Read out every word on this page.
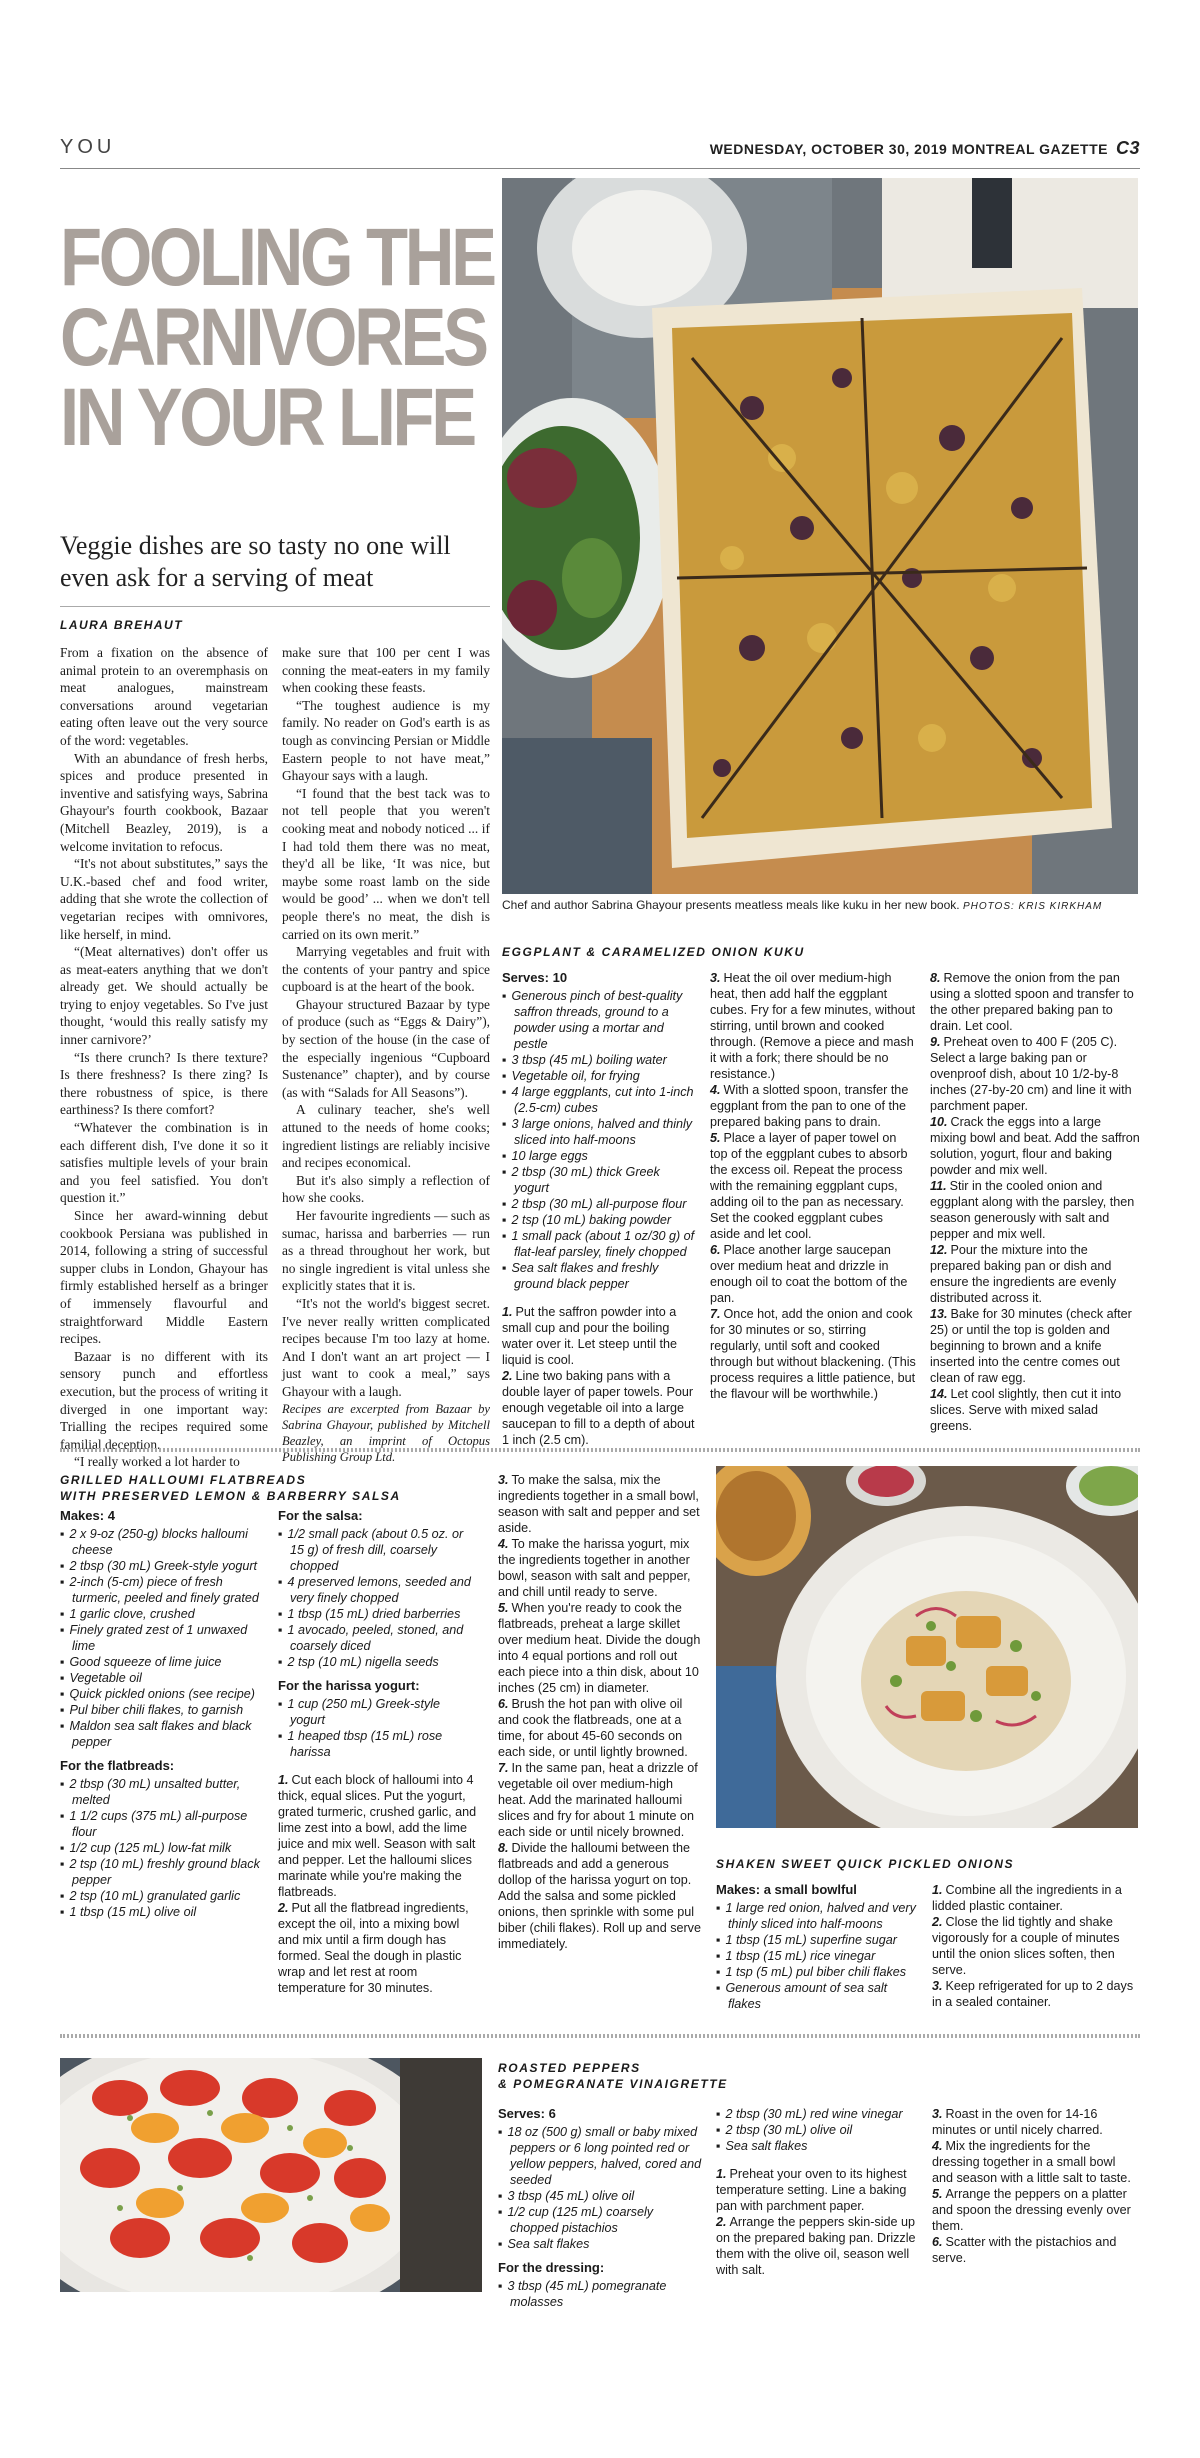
YOU	WEDNESDAY, OCTOBER 30, 2019 MONTREAL GAZETTE C3
FOOLING THE
CARNIVORES
IN YOUR LIFE
Veggie dishes are so tasty no one will even ask for a serving of meat
LAURA BREHAUT

From a fixation on the absence of animal protein to an overemphasis on meat analogues, mainstream conversations around vegetarian eating often leave out the very source of the word: vegetables.

With an abundance of fresh herbs, spices and produce presented in inventive and satisfying ways, Sabrina Ghayour's fourth cookbook, Bazaar (Mitchell Beazley, 2019), is a welcome invitation to refocus.

“It's not about substitutes,” says the U.K.-based chef and food writer, adding that she wrote the collection of vegetarian recipes with omnivores, like herself, in mind.

“(Meat alternatives) don't offer us as meat-eaters anything that we don't already get. We should actually be trying to enjoy vegetables. So I've just thought, ‘would this really satisfy my inner carnivore?’

“Is there crunch? Is there texture? Is there freshness? Is there zing? Is there robustness of spice, is there earthiness? Is there comfort?

“Whatever the combination is in each different dish, I've done it so it satisfies multiple levels of your brain and you feel satisfied. You don't question it.”

Since her award-winning debut cookbook Persiana was published in 2014, following a string of successful supper clubs in London, Ghayour has firmly established herself as a bringer of immensely flavourful and straightforward Middle Eastern recipes.

Bazaar is no different with its sensory punch and effortless execution, but the process of writing it diverged in one important way: Trialling the recipes required some familial deception.

“I really worked a lot harder to

make sure that 100 per cent I was conning the meat-eaters in my family when cooking these feasts.

“The toughest audience is my family. No reader on God's earth is as tough as convincing Persian or Middle Eastern people to not have meat,” Ghayour says with a laugh.

“I found that the best tack was to not tell people that you weren't cooking meat and nobody noticed ... if I had told them there was no meat, they'd all be like, ‘It was nice, but maybe some roast lamb on the side would be good’ ... when we don't tell people there's no meat, the dish is carried on its own merit.”

Marrying vegetables and fruit with the contents of your pantry and spice cupboard is at the heart of the book.

Ghayour structured Bazaar by type of produce (such as “Eggs & Dairy”), by section of the house (in the case of the especially ingenious “Cupboard Sustenance” chapter), and by course (as with “Salads for All Seasons”).

A culinary teacher, she's well attuned to the needs of home cooks; ingredient listings are reliably incisive and recipes economical.

But it's also simply a reflection of how she cooks.

Her favourite ingredients — such as sumac, harissa and barberries — run as a thread throughout her work, but no single ingredient is vital unless she explicitly states that it is.

“It's not the world's biggest secret. I've never really written complicated recipes because I'm too lazy at home. And I don't want an art project — I just want to cook a meal,” says Ghayour with a laugh.

Recipes are excerpted from Bazaar by Sabrina Ghayour, published by Mitchell Beazley, an imprint of Octopus Publishing Group Ltd.

Chef and author Sabrina Ghayour presents meatless meals like kuku in her new book. PHOTOS: KRIS KIRKHAM
EGGPLANT & CARAMELIZED ONION KUKU
Serves: 10
▪ Generous pinch of best-quality saffron threads, ground to a powder using a mortar and pestle
▪ 3 tbsp (45 mL) boiling water
▪ Vegetable oil, for frying
▪ 4 large eggplants, cut into 1-inch (2.5-cm) cubes
▪ 3 large onions, halved and thinly sliced into half-moons
▪ 10 large eggs
▪ 2 tbsp (30 mL) thick Greek yogurt
▪ 2 tbsp (30 mL) all-purpose flour
▪ 2 tsp (10 mL) baking powder
▪ 1 small pack (about 1 oz/30 g) of flat-leaf parsley, finely chopped
▪ Sea salt flakes and freshly ground black pepper
1. Put the saffron powder into a small cup and pour the boiling water over it. Let steep until the liquid is cool.
2. Line two baking pans with a double layer of paper towels. Pour enough vegetable oil into a large saucepan to fill to a depth of about 1 inch (2.5 cm).
3. Heat the oil over medium-high heat, then add half the eggplant cubes. Fry for a few minutes, without stirring, until brown and cooked through. (Remove a piece and mash it with a fork; there should be no resistance.)
4. With a slotted spoon, transfer the eggplant from the pan to one of the prepared baking pans to drain.
5. Place a layer of paper towel on top of the eggplant cubes to absorb the excess oil. Repeat the process with the remaining eggplant cups, adding oil to the pan as necessary. Set the cooked eggplant cubes aside and let cool.
6. Place another large saucepan over medium heat and drizzle in enough oil to coat the bottom of the pan.
7. Once hot, add the onion and cook for 30 minutes or so, stirring regularly, until soft and cooked through but without blackening. (This process requires a little patience, but the flavour will be worthwhile.)
8. Remove the onion from the pan using a slotted spoon and transfer to the other prepared baking pan to drain. Let cool.
9. Preheat oven to 400 F (205 C). Select a large baking pan or ovenproof dish, about 10 1/2-by-8 inches (27-by-20 cm) and line it with parchment paper.
10. Crack the eggs into a large mixing bowl and beat. Add the saffron solution, yogurt, flour and baking powder and mix well.
11. Stir in the cooled onion and eggplant along with the parsley, then season generously with salt and pepper and mix well.
12. Pour the mixture into the prepared baking pan or dish and ensure the ingredients are evenly distributed across it.
13. Bake for 30 minutes (check after 25) or until the top is golden and beginning to brown and a knife inserted into the centre comes out clean of raw egg.
14. Let cool slightly, then cut it into slices. Serve with mixed salad greens.
GRILLED HALLOUMI FLATBREADS
WITH PRESERVED LEMON & BARBERRY SALSA
Makes: 4
▪ 2 x 9-oz (250-g) blocks halloumi cheese
▪ 2 tbsp (30 mL) Greek-style yogurt
▪ 2-inch (5-cm) piece of fresh turmeric, peeled and finely grated
▪ 1 garlic clove, crushed
▪ Finely grated zest of 1 unwaxed lime
▪ Good squeeze of lime juice
▪ Vegetable oil
▪ Quick pickled onions (see recipe)
▪ Pul biber chili flakes, to garnish
▪ Maldon sea salt flakes and black pepper
For the flatbreads:
▪ 2 tbsp (30 mL) unsalted butter, melted
▪ 1 1/2 cups (375 mL) all-purpose flour
▪ 1/2 cup (125 mL) low-fat milk
▪ 2 tsp (10 mL) freshly ground black pepper
▪ 2 tsp (10 mL) granulated garlic
▪ 1 tbsp (15 mL) olive oil
For the salsa:
▪ 1/2 small pack (about 0.5 oz. or 15 g) of fresh dill, coarsely chopped
▪ 4 preserved lemons, seeded and very finely chopped
▪ 1 tbsp (15 mL) dried barberries
▪ 1 avocado, peeled, stoned, and coarsely diced
▪ 2 tsp (10 mL) nigella seeds
For the harissa yogurt:
▪ 1 cup (250 mL) Greek-style yogurt
▪ 1 heaped tbsp (15 mL) rose harissa
1. Cut each block of halloumi into 4 thick, equal slices. Put the yogurt, grated turmeric, crushed garlic, and lime zest into a bowl, add the lime juice and mix well. Season with salt and pepper. Let the halloumi slices marinate while you're making the flatbreads.
2. Put all the flatbread ingredients, except the oil, into a mixing bowl and mix until a firm dough has formed. Seal the dough in plastic wrap and let rest at room temperature for 30 minutes.
3. To make the salsa, mix the ingredients together in a small bowl, season with salt and pepper and set aside.
4. To make the harissa yogurt, mix the ingredients together in another bowl, season with salt and pepper, and chill until ready to serve.
5. When you're ready to cook the flatbreads, preheat a large skillet over medium heat. Divide the dough into 4 equal portions and roll out each piece into a thin disk, about 10 inches (25 cm) in diameter.
6. Brush the hot pan with olive oil and cook the flatbreads, one at a time, for about 45-60 seconds on each side, or until lightly browned.
7. In the same pan, heat a drizzle of vegetable oil over medium-high heat. Add the marinated halloumi slices and fry for about 1 minute on each side or until nicely browned.
8. Divide the halloumi between the flatbreads and add a generous dollop of the harissa yogurt on top. Add the salsa and some pickled onions, then sprinkle with some pul biber (chili flakes). Roll up and serve immediately.
SHAKEN SWEET QUICK PICKLED ONIONS
Makes: a small bowlful
▪ 1 large red onion, halved and very thinly sliced into half-moons
▪ 1 tbsp (15 mL) superfine sugar
▪ 1 tbsp (15 mL) rice vinegar
▪ 1 tsp (5 mL) pul biber chili flakes
▪ Generous amount of sea salt flakes
1. Combine all the ingredients in a lidded plastic container.
2. Close the lid tightly and shake vigorously for a couple of minutes until the onion slices soften, then serve.
3. Keep refrigerated for up to 2 days in a sealed container.
ROASTED PEPPERS
& POMEGRANATE VINAIGRETTE
Serves: 6
▪ 18 oz (500 g) small or baby mixed peppers or 6 long pointed red or yellow peppers, halved, cored and seeded
▪ 3 tbsp (45 mL) olive oil
▪ 1/2 cup (125 mL) coarsely chopped pistachios
▪ Sea salt flakes
For the dressing:
▪ 3 tbsp (45 mL) pomegranate molasses
▪ 2 tbsp (30 mL) red wine vinegar
▪ 2 tbsp (30 mL) olive oil
▪ Sea salt flakes
1. Preheat your oven to its highest temperature setting. Line a baking pan with parchment paper.
2. Arrange the peppers skin-side up on the prepared baking pan. Drizzle them with the olive oil, season well with salt.
3. Roast in the oven for 14-16 minutes or until nicely charred.
4. Mix the ingredients for the dressing together in a small bowl and season with a little salt to taste.
5. Arrange the peppers on a platter and spoon the dressing evenly over them.
6. Scatter with the pistachios and serve.
